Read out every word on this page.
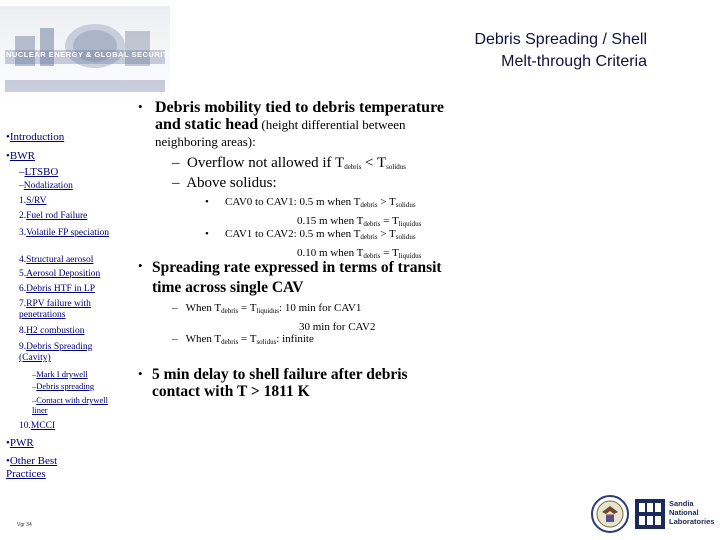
NUCLEAR ENERGY & GLOBAL SECURITY TECHNOLOGIES
Debris Spreading / Shell
Melt-through Criteria
•Introduction
•BWR
–LTSBO
–Nodalization
1.S/RV
2.Fuel rod Failure
3.Volatile FP speciation
4.Structural aerosol
5.Aerosol Deposition
6.Debris HTF in LP
7.RPV failure with penetrations
8.H2 combustion
9.Debris Spreading (Cavity)
–Mark I drywell
–Debris spreading
–Contact with drywell liner
10.MCCI
•PWR
•Other Best Practices
• Debris mobility tied to debris temperature
and static head (height differential between
neighboring areas):
–  Overflow not allowed if $T_{debris} < T_{solidus}$
–  Above solidus:
• CAV0 to CAV1: 0.5 m when $T_{debris} > T_{solidus}$
0.15 m when $T_{debris} = T_{liquidus}$
• CAV1 to CAV2: 0.5 m when $T_{debris} > T_{solidus}$
0.10 m when $T_{debris} = T_{liquidus}$
• Spreading rate expressed in terms of transit
time across single CAV
–   When $T_{debris} = T_{liquidus}$: 10 min for CAV1
30 min for CAV2
–   When $T_{debris} = T_{solidus}$: infinite
• 5 min delay to shell failure after debris
contact with T > 1811 K
Vgr 34
Sandia National Laboratories
